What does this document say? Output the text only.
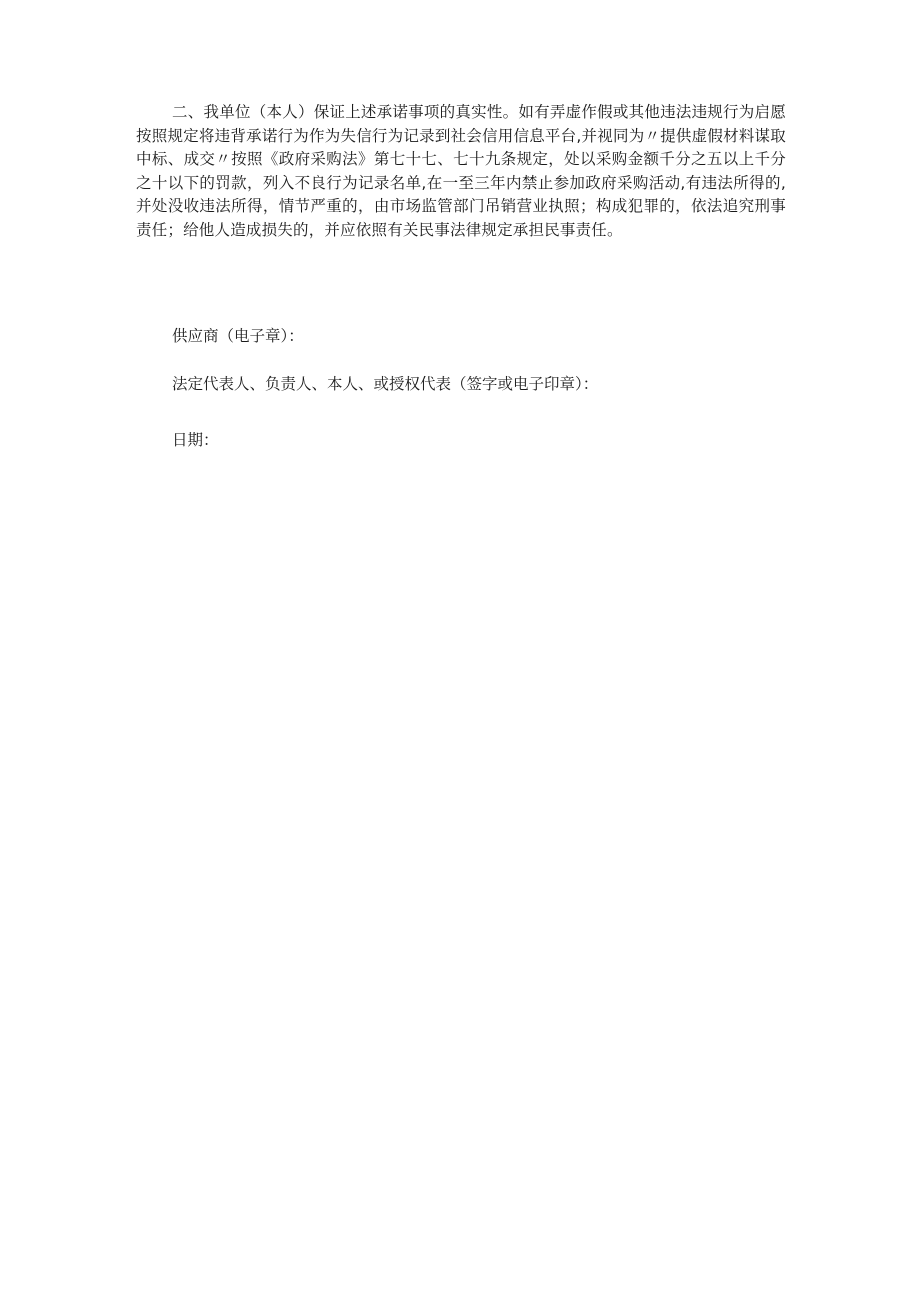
二、我单位（本人）保证上述承诺事项的真实性。如有弄虚作假或其他违法违规行为启愿按照规定将违背承诺行为作为失信行为记录到社会信用信息平台,并视同为〃提供虚假材料谋取中标、成交〃按照《政府采购法》第七十七、七十九条规定，处以采购金额千分之五以上千分之十以下的罚款，列入不良行为记录名单,在一至三年内禁止参加政府采购活动,有违法所得的,并处没收违法所得，情节严重的，由市场监管部门吊销营业执照；构成犯罪的，依法追究刑事责任；给他人造成损失的，并应依照有关民事法律规定承担民事责任。

供应商（电子章）：

法定代表人、负责人、本人、或授权代表（签字或电子印章）：

日期：
